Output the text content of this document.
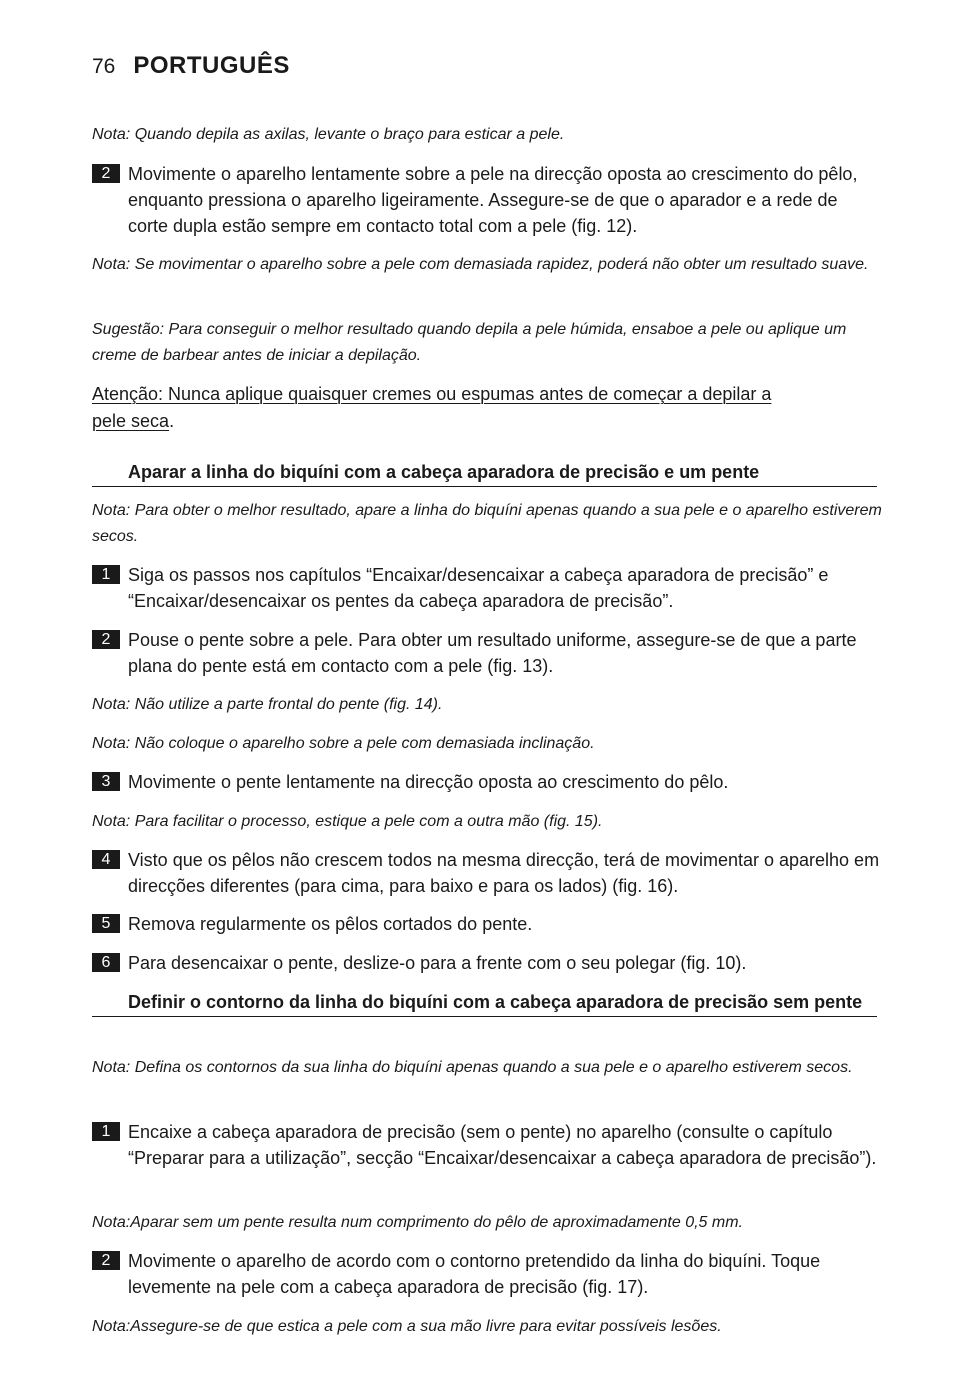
76 PORTUGUÊS
Nota: Quando depila as axilas, levante o braço para esticar a pele.
2 Movimente o aparelho lentamente sobre a pele na direcção oposta ao crescimento do pêlo, enquanto pressiona o aparelho ligeiramente. Assegure-se de que o aparador e a rede de corte dupla estão sempre em contacto total com a pele (fig. 12).
Nota: Se movimentar o aparelho sobre a pele com demasiada rapidez, poderá não obter um resultado suave.
Sugestão: Para conseguir o melhor resultado quando depila a pele húmida, ensaboe a pele ou aplique um creme de barbear antes de iniciar a depilação.
Atenção: Nunca aplique quaisquer cremes ou espumas antes de começar a depilar a
pele seca.
Aparar a linha do biquíni com a cabeça aparadora de precisão e um pente
Nota: Para obter o melhor resultado, apare a linha do biquíni apenas quando a sua pele e o aparelho estiverem secos.
1 Siga os passos nos capítulos “Encaixar/desencaixar a cabeça aparadora de precisão” e “Encaixar/desencaixar os pentes da cabeça aparadora de precisão”.
2 Pouse o pente sobre a pele. Para obter um resultado uniforme, assegure-se de que a parte plana do pente está em contacto com a pele (fig. 13).
Nota: Não utilize a parte frontal do pente (fig. 14).
Nota: Não coloque o aparelho sobre a pele com demasiada inclinação.
3 Movimente o pente lentamente na direcção oposta ao crescimento do pêlo.
Nota: Para facilitar o processo, estique a pele com a outra mão (fig. 15).
4 Visto que os pêlos não crescem todos na mesma direcção, terá de movimentar o aparelho em direcções diferentes (para cima, para baixo e para os lados) (fig. 16).
5 Remova regularmente os pêlos cortados do pente.
6 Para desencaixar o pente, deslize-o para a frente com o seu polegar (fig. 10).
Definir o contorno da linha do biquíni com a cabeça aparadora de precisão sem pente
Nota: Defina os contornos da sua linha do biquíni apenas quando a sua pele e o aparelho estiverem secos.
1 Encaixe a cabeça aparadora de precisão (sem o pente) no aparelho (consulte o capítulo “Preparar para a utilização”, secção “Encaixar/desencaixar a cabeça aparadora de precisão”).
Nota:Aparar sem um pente resulta num comprimento do pêlo de aproximadamente 0,5 mm.
2 Movimente o aparelho de acordo com o contorno pretendido da linha do biquíni. Toque levemente na pele com a cabeça aparadora de precisão (fig. 17).
Nota:Assegure-se de que estica a pele com a sua mão livre para evitar possíveis lesões.
